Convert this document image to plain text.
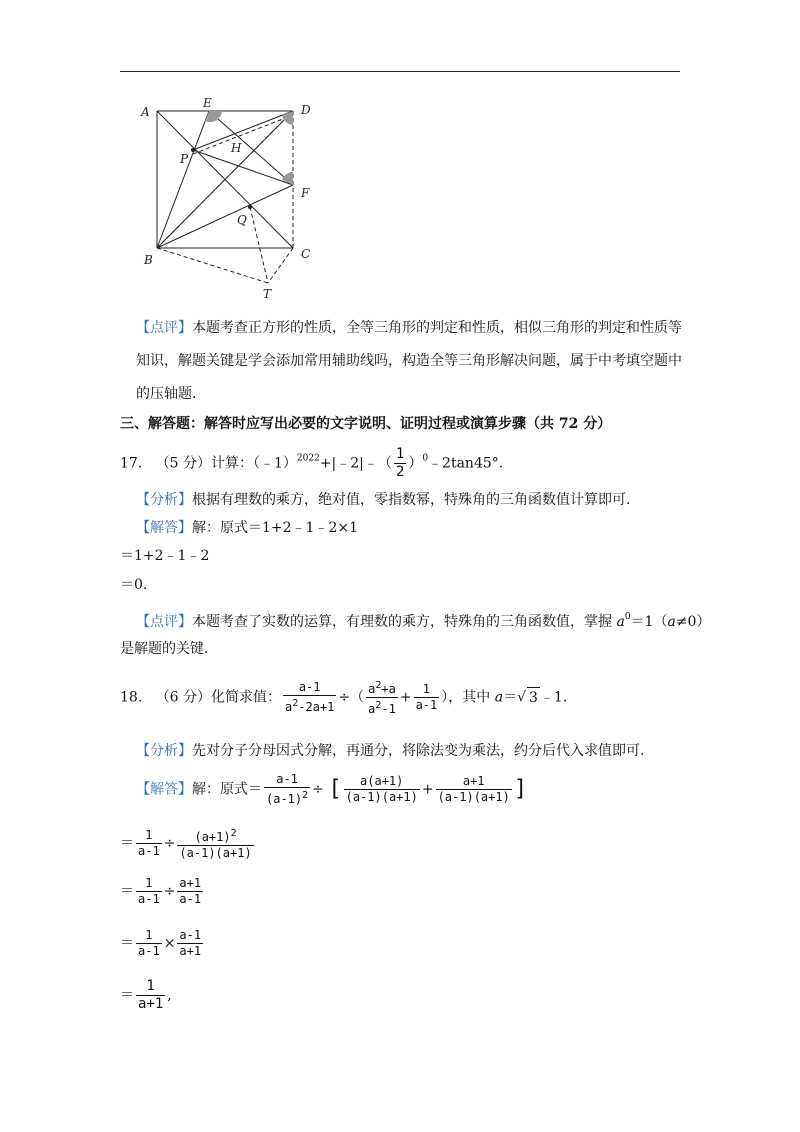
A
E	D
P
H
F
Q
B	C
T
【点评】本题考查正方形的性质，全等三角形的判定和性质，相似三角形的判定和性质等
知识，解题关键是学会添加常用辅助线吗，构造全等三角形解决问题，属于中考填空题中
的压轴题.
三、解答题：解答时应写出必要的文字说明、证明过程或演算步骤（共 72 分）
17. （5 分）计算：（﹣1）$^{2022}$+|﹣2|﹣（ $\frac{1}{2}$ ）$^0$﹣2tan45°.
【分析】根据有理数的乘方，绝对值，零指数幂，特殊角的三角函数值计算即可.
【解答】解：原式＝1+2﹣1﹣2×1
＝1+2﹣1﹣2
＝0.
【点评】本题考查了实数的运算，有理数的乘方，特殊角的三角函数值，掌握 $a^0=1(a\ne 0)$
是解题的关键.
18. （6 分）化简求值： $\frac{a-1}{a^2-2a+1}$ ÷（ $\frac{a^2+a}{a^2-1} + \frac{1}{a-1}$ ），其中 a＝√ 3 ﹣1.
【分析】先对分子分母因式分解，再通分，将除法变为乘法，约分后代入求值即可.
【解答】解：原式＝ $\frac{a-1}{(a-1)^2}$ ÷ [ $\frac{a(a+1)}{(a-1)(a+1)} + \frac{a+1}{(a-1)(a+1)}$ ]
＝ $\frac{1}{a-1} \div \frac{(a+1)^2}{(a-1)(a+1)}$
＝ $\frac{1}{a-1} \div \frac{a+1}{a-1}$
＝ $\frac{1}{a-1} \times \frac{a-1}{a+1}$
＝ $\frac{1}{a+1}$ ,
